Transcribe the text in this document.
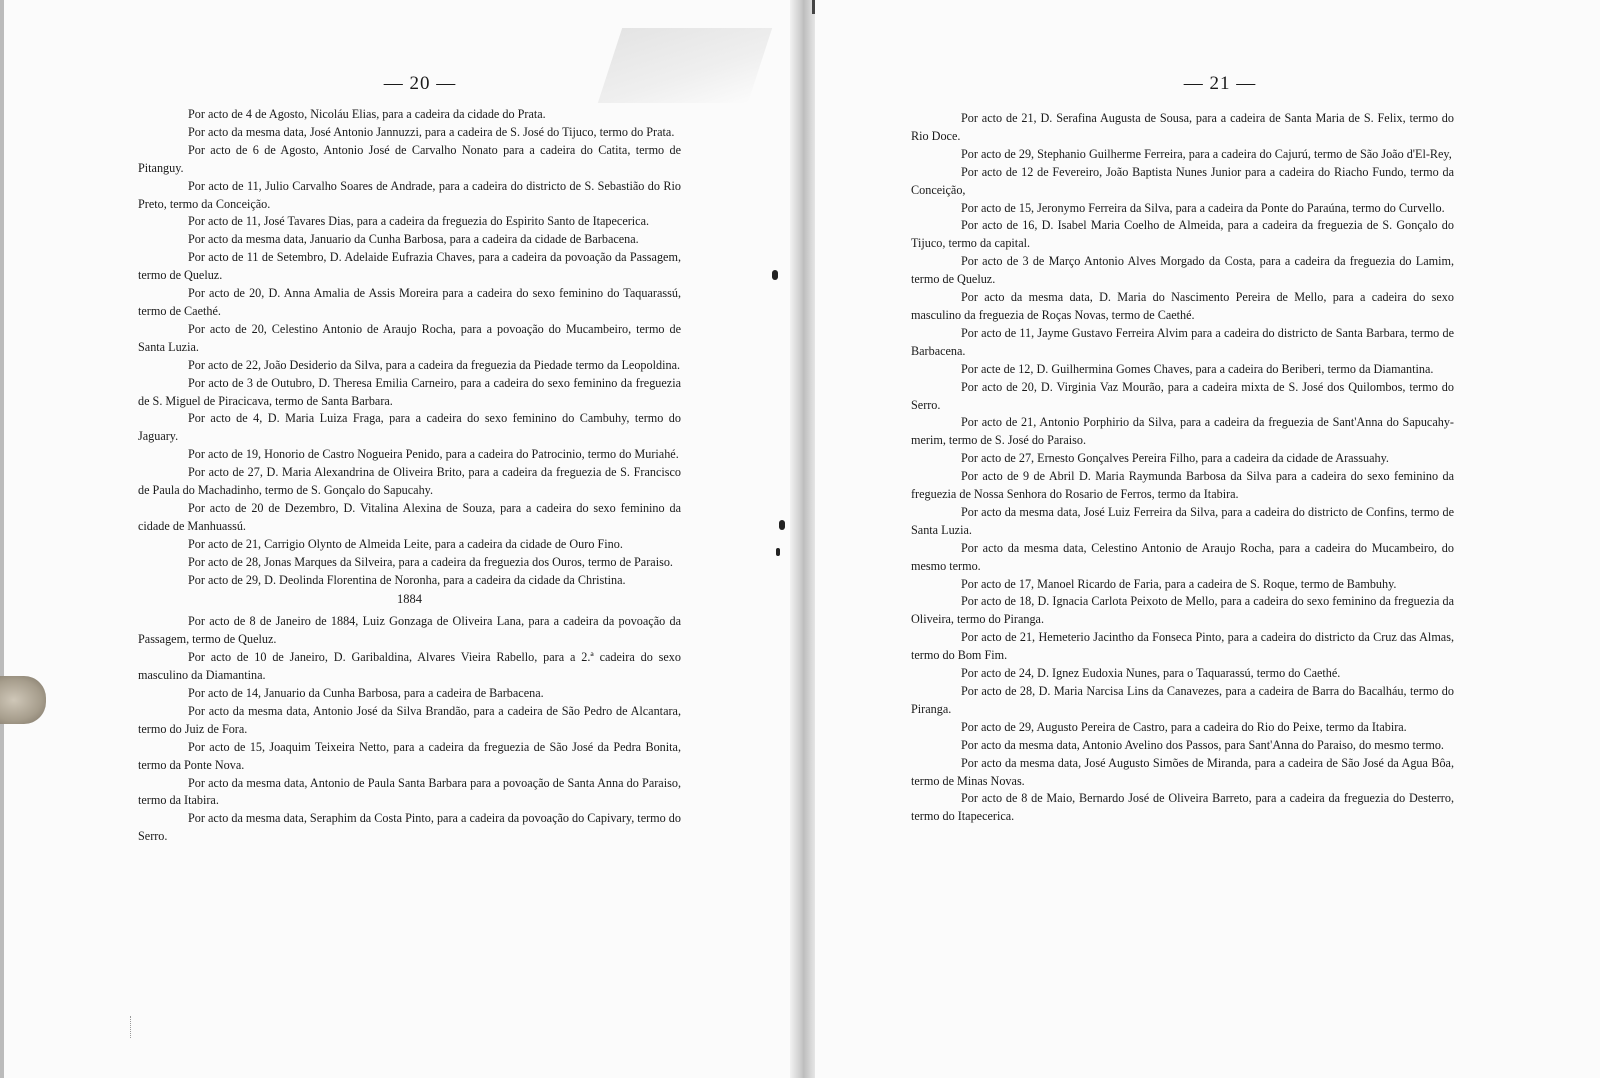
— 20 —

Por acto de 4 de Agosto, Nicoláu Elias, para a cadeira da cidade do Prata.

Por acto da mesma data, José Antonio Jannuzzi, para a cadeira de S. José do Tijuco, termo do Prata.

Por acto de 6 de Agosto, Antonio José de Carvalho Nonato para a cadeira do Catita, termo de Pitanguy.

Por acto de 11, Julio Carvalho Soares de Andrade, para a cadeira do districto de S. Sebastião do Rio Preto, termo da Conceição.

Por acto de 11, José Tavares Dias, para a cadeira da freguezia do Espirito Santo de Itapecerica.

Por acto da mesma data, Januario da Cunha Barbosa, para a cadeira da cidade de Barbacena.

Por acto de 11 de Setembro, D. Adelaide Eufrazia Chaves, para a cadeira da povoação da Passagem, termo de Queluz.

Por acto de 20, D. Anna Amalia de Assis Moreira para a cadeira do sexo feminino do Taquarassú, termo de Caethé.

Por acto de 20, Celestino Antonio de Araujo Rocha, para a povoação do Mucambeiro, termo de Santa Luzia.

Por acto de 22, João Desiderio da Silva, para a cadeira da freguezia da Piedade termo da Leopoldina.

Por acto de 3 de Outubro, D. Theresa Emilia Carneiro, para a cadeira do sexo feminino da freguezia de S. Miguel de Piracicava, termo de Santa Barbara.

Por acto de 4, D. Maria Luiza Fraga, para a cadeira do sexo feminino do Cambuhy, termo do Jaguary.

Por acto de 19, Honorio de Castro Nogueira Penido, para a cadeira do Patrocinio, termo do Muriahé.

Por acto de 27, D. Maria Alexandrina de Oliveira Brito, para a cadeira da freguezia de S. Francisco de Paula do Machadinho, termo de S. Gonçalo do Sapucahy.

Por acto de 20 de Dezembro, D. Vitalina Alexina de Souza, para a cadeira do sexo feminino da cidade de Manhuassú.

Por acto de 21, Carrigio Olynto de Almeida Leite, para a cadeira da cidade de Ouro Fino.

Por acto de 28, Jonas Marques da Silveira, para a cadeira da freguezia dos Ouros, termo de Paraiso.

Por acto de 29, D. Deolinda Florentina de Noronha, para a cadeira da cidade da Christina.

1884

Por acto de 8 de Janeiro de 1884, Luiz Gonzaga de Oliveira Lana, para a cadeira da povoação da Passagem, termo de Queluz.

Por acto de 10 de Janeiro, D. Garibaldina, Alvares Vieira Rabello, para a 2.ª cadeira do sexo masculino da Diamantina.

Por acto de 14, Januario da Cunha Barbosa, para a cadeira de Barbacena.

Por acto da mesma data, Antonio José da Silva Brandão, para a cadeira de São Pedro de Alcantara, termo do Juiz de Fora.

Por acto de 15, Joaquim Teixeira Netto, para a cadeira da freguezia de São José da Pedra Bonita, termo da Ponte Nova.

Por acto da mesma data, Antonio de Paula Santa Barbara para a povoação de Santa Anna do Paraiso, termo da Itabira.

Por acto da mesma data, Seraphim da Costa Pinto, para a cadeira da povoação do Capivary, termo do Serro.

— 21 —

Por acto de 21, D. Serafina Augusta de Sousa, para a cadeira de Santa Maria de S. Felix, termo do Rio Doce.

Por acto de 29, Stephanio Guilherme Ferreira, para a cadeira do Cajurú, termo de São João d'El-Rey,

Por acto de 12 de Fevereiro, João Baptista Nunes Junior para a cadeira do Riacho Fundo, termo da Conceição,

Por acto de 15, Jeronymo Ferreira da Silva, para a cadeira da Ponte do Paraúna, termo do Curvello.

Por acto de 16, D. Isabel Maria Coelho de Almeida, para a cadeira da freguezia de S. Gonçalo do Tijuco, termo da capital.

Por acto de 3 de Março Antonio Alves Morgado da Costa, para a cadeira da freguezia do Lamim, termo de Queluz.

Por acto da mesma data, D. Maria do Nascimento Pereira de Mello, para a cadeira do sexo masculino da freguezia de Roças Novas, termo de Caethé.

Por acto de 11, Jayme Gustavo Ferreira Alvim para a cadeira do districto de Santa Barbara, termo de Barbacena.

Por acte de 12, D. Guilhermina Gomes Chaves, para a cadeira do Beriberi, termo da Diamantina.

Por acto de 20, D. Virginia Vaz Mourão, para a cadeira mixta de S. José dos Quilombos, termo do Serro.

Por acto de 21, Antonio Porphirio da Silva, para a cadeira da freguezia de Sant'Anna do Sapucahy-merim, termo de S. José do Paraiso.

Por acto de 27, Ernesto Gonçalves Pereira Filho, para a cadeira da cidade de Arassuahy.

Por acto de 9 de Abril D. Maria Raymunda Barbosa da Silva para a cadeira do sexo feminino da freguezia de Nossa Senhora do Rosario de Ferros, termo da Itabira.

Por acto da mesma data, José Luiz Ferreira da Silva, para a cadeira do districto de Confins, termo de Santa Luzia.

Por acto da mesma data, Celestino Antonio de Araujo Rocha, para a cadeira do Mucambeiro, do mesmo termo.

Por acto de 17, Manoel Ricardo de Faria, para a cadeira de S. Roque, termo de Bambuhy.

Por acto de 18, D. Ignacia Carlota Peixoto de Mello, para a cadeira do sexo feminino da freguezia da Oliveira, termo do Piranga.

Por acto de 21, Hemeterio Jacintho da Fonseca Pinto, para a cadeira do districto da Cruz das Almas, termo do Bom Fim.

Por acto de 24, D. Ignez Eudoxia Nunes, para o Taquarassú, termo do Caethé.

Por acto de 28, D. Maria Narcisa Lins da Canavezes, para a cadeira de Barra do Bacalháu, termo do Piranga.

Por acto de 29, Augusto Pereira de Castro, para a cadeira do Rio do Peixe, termo da Itabira.

Por acto da mesma data, Antonio Avelino dos Passos, para Sant'Anna do Paraiso, do mesmo termo.

Por acto da mesma data, José Augusto Simões de Miranda, para a cadeira de São José da Agua Bôa, termo de Minas Novas.

Por acto de 8 de Maio, Bernardo José de Oliveira Barreto, para a cadeira da freguezia do Desterro, termo do Itapecerica.
